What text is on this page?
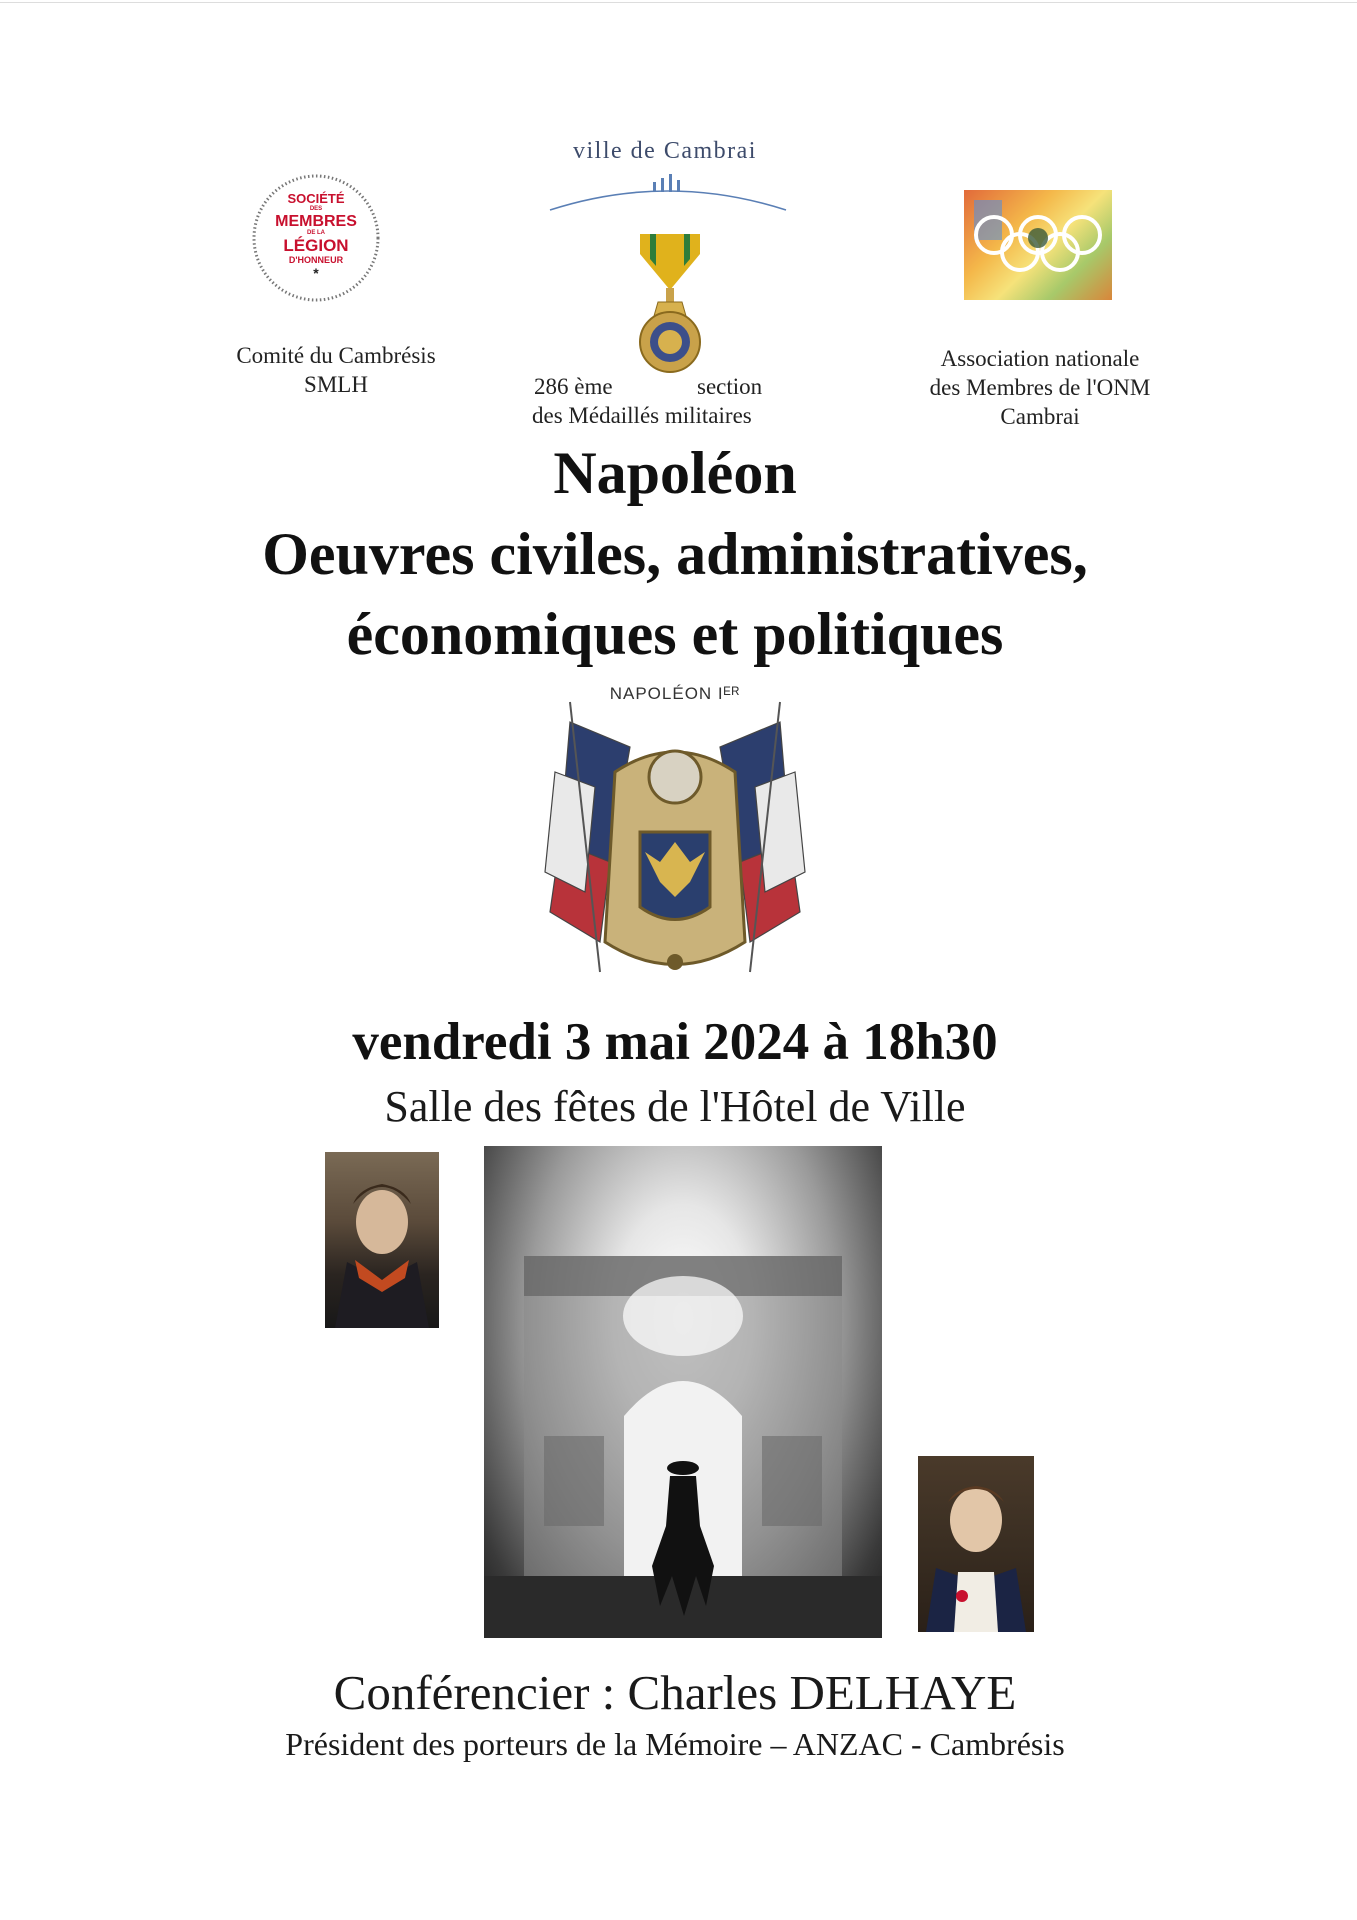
SOCIÉTÉ
DES
MEMBRES
DE LA
LÉGION
D'HONNEUR
*
Comité du Cambrésis
SMLH
ville de Cambrai
286 ème	section
des Médaillés militaires
Association nationale
des Membres de l'ONM
Cambrai
Napoléon
Oeuvres civiles, administratives,
économiques et politiques
NAPOLÉON Iᴱᴿ
vendredi 3 mai 2024 à 18h30
Salle des fêtes de l'Hôtel de Ville
Conférencier : Charles DELHAYE
Président des porteurs de la Mémoire – ANZAC - Cambrésis
